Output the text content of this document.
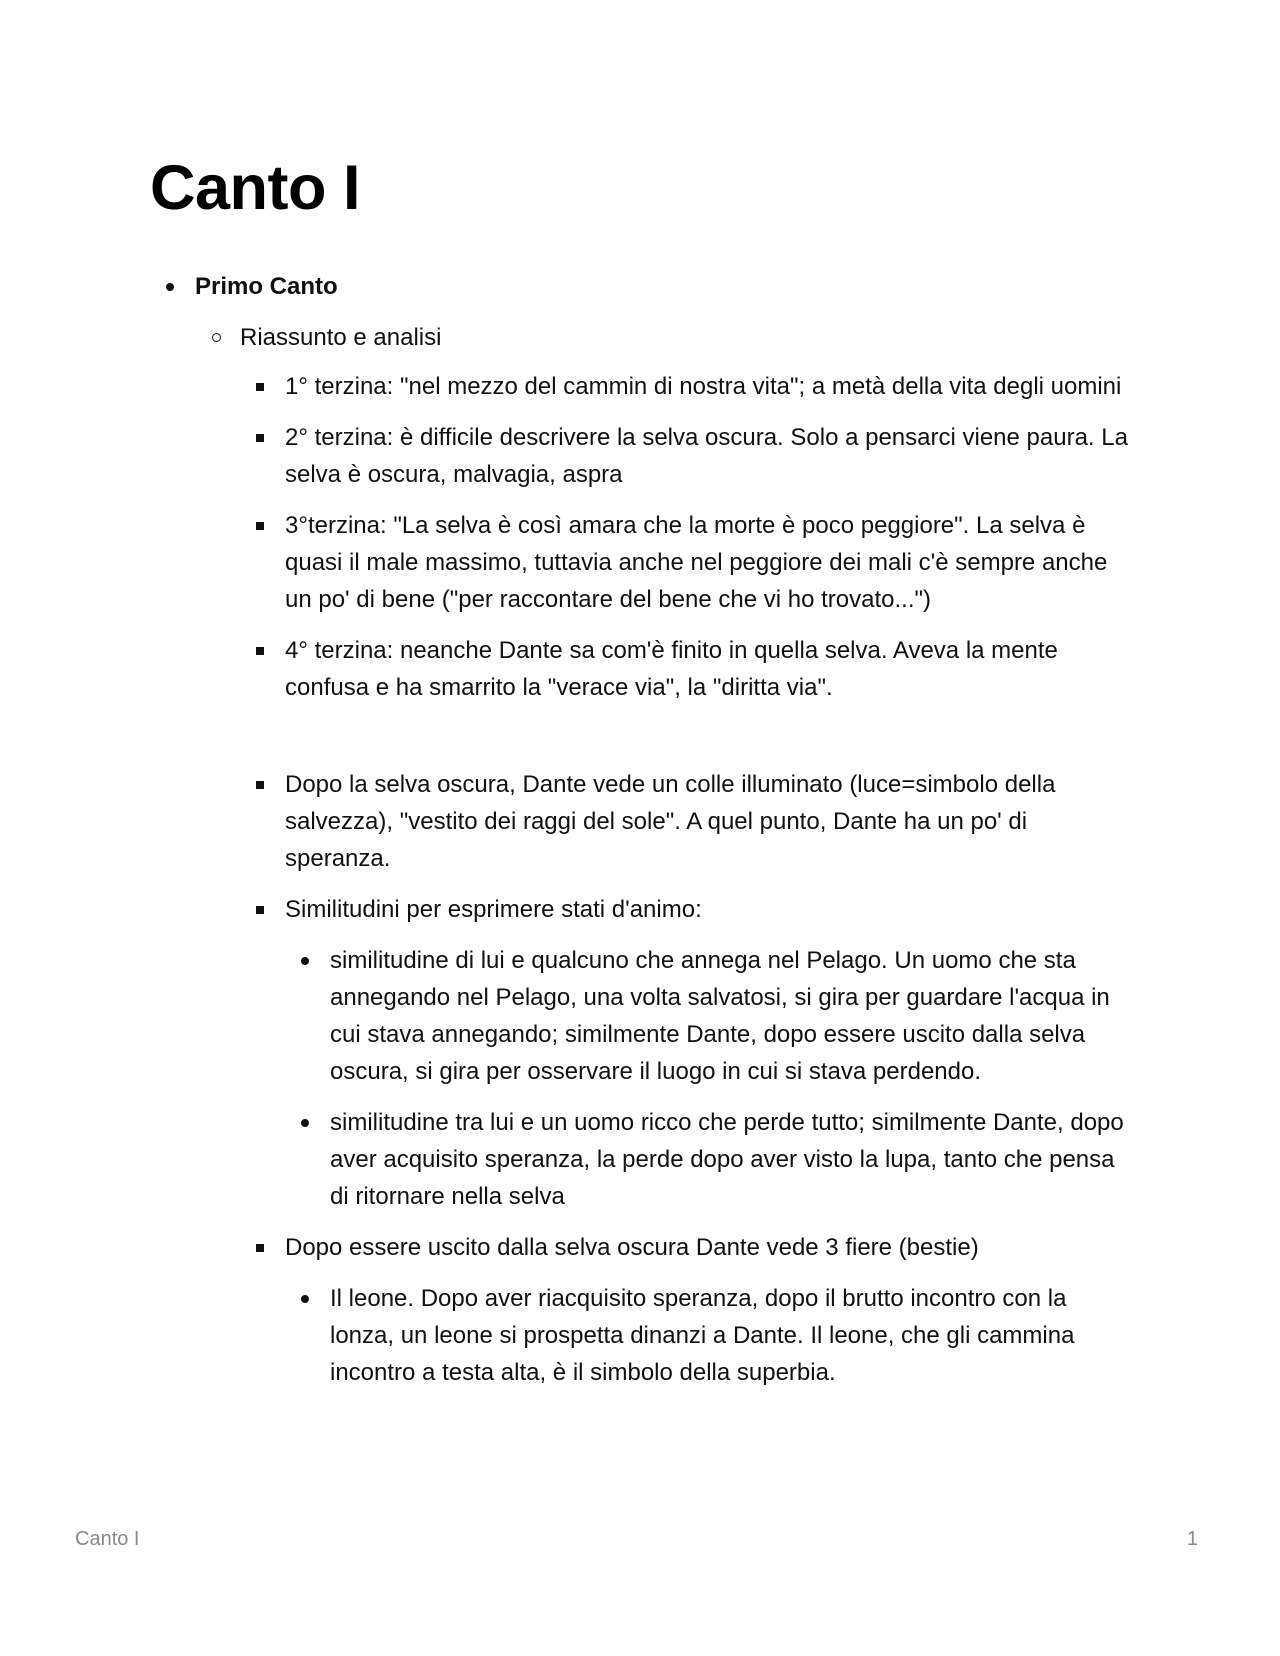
Canto I
Primo Canto
Riassunto e analisi
1° terzina: "nel mezzo del cammin di nostra vita"; a metà della vita degli uomini
2° terzina: è difficile descrivere la selva oscura. Solo a pensarci viene paura. La selva è oscura, malvagia, aspra
3°terzina: "La selva è così amara che la morte è poco peggiore". La selva è quasi il male massimo, tuttavia anche nel peggiore dei mali c'è sempre anche un po' di bene ("per raccontare del bene che vi ho trovato...")
4° terzina: neanche Dante sa com'è finito in quella selva. Aveva la mente confusa e ha smarrito la "verace via", la "diritta via".
Dopo la selva oscura, Dante vede un colle illuminato (luce=simbolo della salvezza), "vestito dei raggi del sole". A quel punto, Dante ha un po' di speranza.
Similitudini per esprimere stati d'animo:
similitudine di lui e qualcuno che annega nel Pelago. Un uomo che sta annegando nel Pelago, una volta salvatosi, si gira per guardare l'acqua in cui stava annegando; similmente Dante, dopo essere uscito dalla selva oscura, si gira per osservare il luogo in cui si stava perdendo.
similitudine tra lui e un uomo ricco che perde tutto; similmente Dante, dopo aver acquisito speranza, la perde dopo aver visto la lupa, tanto che pensa di ritornare nella selva
Dopo essere uscito dalla selva oscura Dante vede 3 fiere (bestie)
Il leone. Dopo aver riacquisito speranza, dopo il brutto incontro con la lonza, un leone si prospetta dinanzi a Dante. Il leone, che gli cammina incontro a testa alta, è il simbolo della superbia.
Canto I	1
